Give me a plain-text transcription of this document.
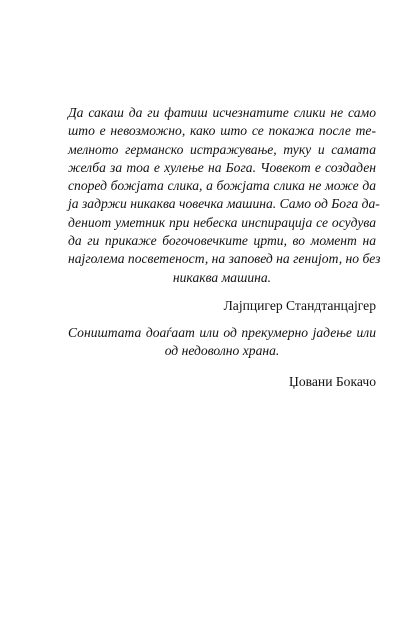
Да сакаш да ги фатиш исчезнатите слики не само
што е невозможно, како што се покажа после те-
мелното германско истражување, туку и самата
желба за тоа е хулење на Бога. Човекот е создаден
според божјата слика, а божјата слика не може да
ја задржи никаква човечка машина. Само од Бога да-
дениот уметник при небеска инспирација се осудува
да ги прикаже богочовечките црти, во момент на
најголема посветеност, на заповед на генијот, но без
никаква машина.

Лајпцигер Стандтанцајгер

Соништата доаѓаат или од прекумерно јадење или
од недоволно храна.

Џовани Бокачо
